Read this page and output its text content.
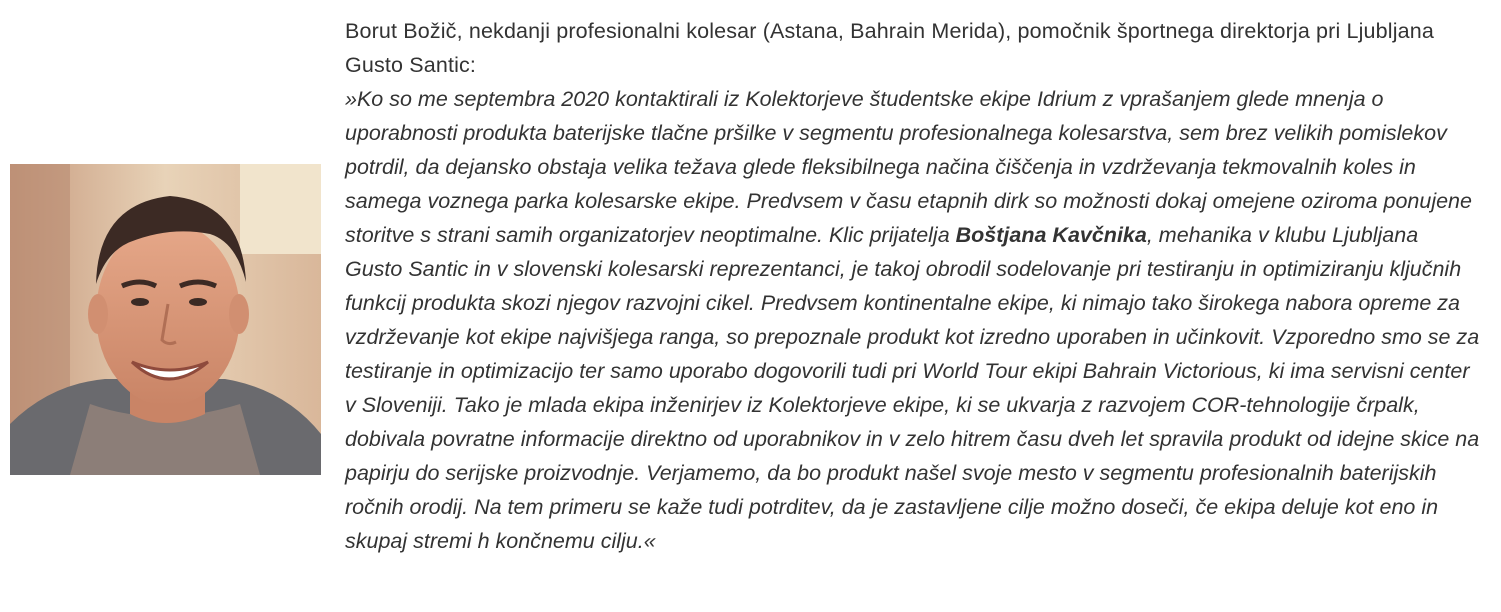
Borut Božič, nekdanji profesionalni kolesar (Astana, Bahrain Merida), pomočnik športnega direktorja pri Ljubljana Gusto Santic:
»Ko so me septembra 2020 kontaktirali iz Kolektorjeve študentske ekipe Idrium z vprašanjem glede mnenja o uporabnosti produkta baterijske tlačne pršilke v segmentu profesionalnega kolesarstva, sem brez velikih pomislekov potrdil, da dejansko obstaja velika težava glede fleksibilnega načina čiščenja in vzdrževanja tekmovalnih koles in samega voznega parka kolesarske ekipe. Predvsem v času etapnih dirk so možnosti dokaj omejene oziroma ponujene storitve s strani samih organizatorjev neoptimalne. Klic prijatelja Boštjana Kavčnika, mehanika v klubu Ljubljana Gusto Santic in v slovenski kolesarski reprezentanci, je takoj obrodil sodelovanje pri testiranju in optimiziranju ključnih funkcij produkta skozi njegov razvojni cikel. Predvsem kontinentalne ekipe, ki nimajo tako širokega nabora opreme za vzdrževanje kot ekipe najvišjega ranga, so prepoznale produkt kot izredno uporaben in učinkovit. Vzporedno smo se za testiranje in optimizacijo ter samo uporabo dogovorili tudi pri World Tour ekipi Bahrain Victorious, ki ima servisni center v Sloveniji. Tako je mlada ekipa inženirjev iz Kolektorjeve ekipe, ki se ukvarja z razvojem COR-tehnologije črpalk, dobivala povratne informacije direktno od uporabnikov in v zelo hitrem času dveh let spravila produkt od idejne skice na papirju do serijske proizvodnje. Verjamemo, da bo produkt našel svoje mesto v segmentu profesionalnih baterijskih ročnih orodij. Na tem primeru se kaže tudi potrditev, da je zastavljene cilje možno doseči, če ekipa deluje kot eno in skupaj stremi h končnemu cilju.«
